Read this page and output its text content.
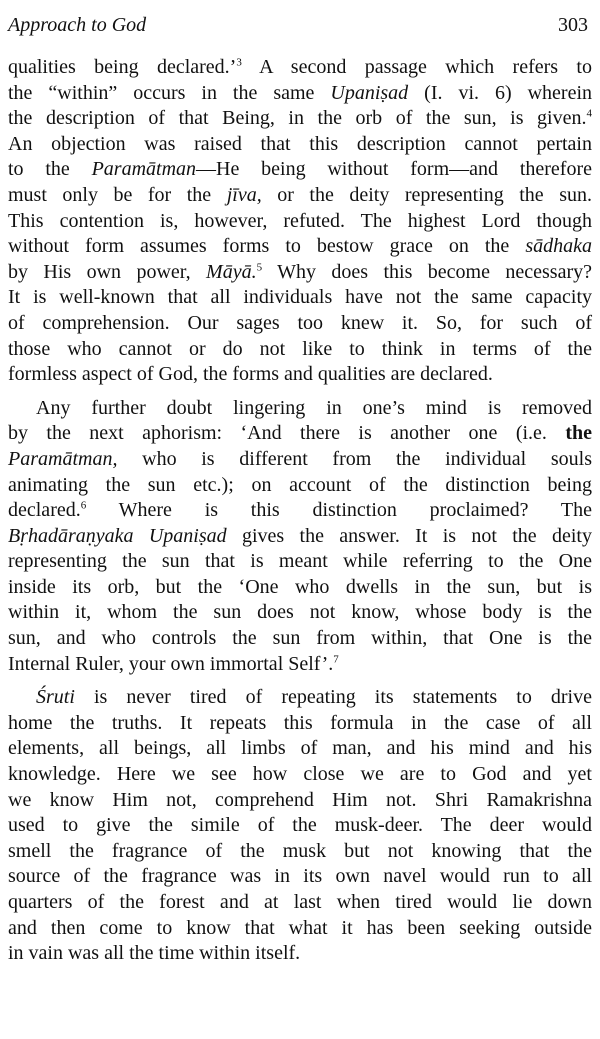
Approach to God	303
qualities being declared.’$^3$ A second passage which refers to
the “within” occurs in the same Upaniṣad (I. vi. 6) wherein
the description of that Being, in the orb of the sun, is given.$^4$
An objection was raised that this description cannot pertain
to the Paramātman—He being without form—and therefore
must only be for the jīva, or the deity representing the sun.
This contention is, however, refuted. The highest Lord though
without form assumes forms to bestow grace on the sādhaka
by His own power, Māyā.$^5$ Why does this become necessary?
It is well-known that all individuals have not the same capacity
of comprehension. Our sages too knew it. So, for such of
those who cannot or do not like to think in terms of the
formless aspect of God, the forms and qualities are declared.
Any further doubt lingering in one’s mind is removed
by the next aphorism: ‘And there is another one (i.e. the
Paramātman, who is different from the individual souls
animating the sun etc.); on account of the distinction being
declared.$^6$ Where is this distinction proclaimed? The
Bṛhadāraṇyaka Upaniṣad gives the answer. It is not the deity
representing the sun that is meant while referring to the One
inside its orb, but the ‘One who dwells in the sun, but is
within it, whom the sun does not know, whose body is the
sun, and who controls the sun from within, that One is the
Internal Ruler, your own immortal Self’.$^7$
Śruti is never tired of repeating its statements to drive
home the truths. It repeats this formula in the case of all
elements, all beings, all limbs of man, and his mind and his
knowledge. Here we see how close we are to God and yet
we know Him not, comprehend Him not. Shri Ramakrishna
used to give the simile of the musk-deer. The deer would
smell the fragrance of the musk but not knowing that the
source of the fragrance was in its own navel would run to all
quarters of the forest and at last when tired would lie down
and then come to know that what it has been seeking outside
in vain was all the time within itself.
